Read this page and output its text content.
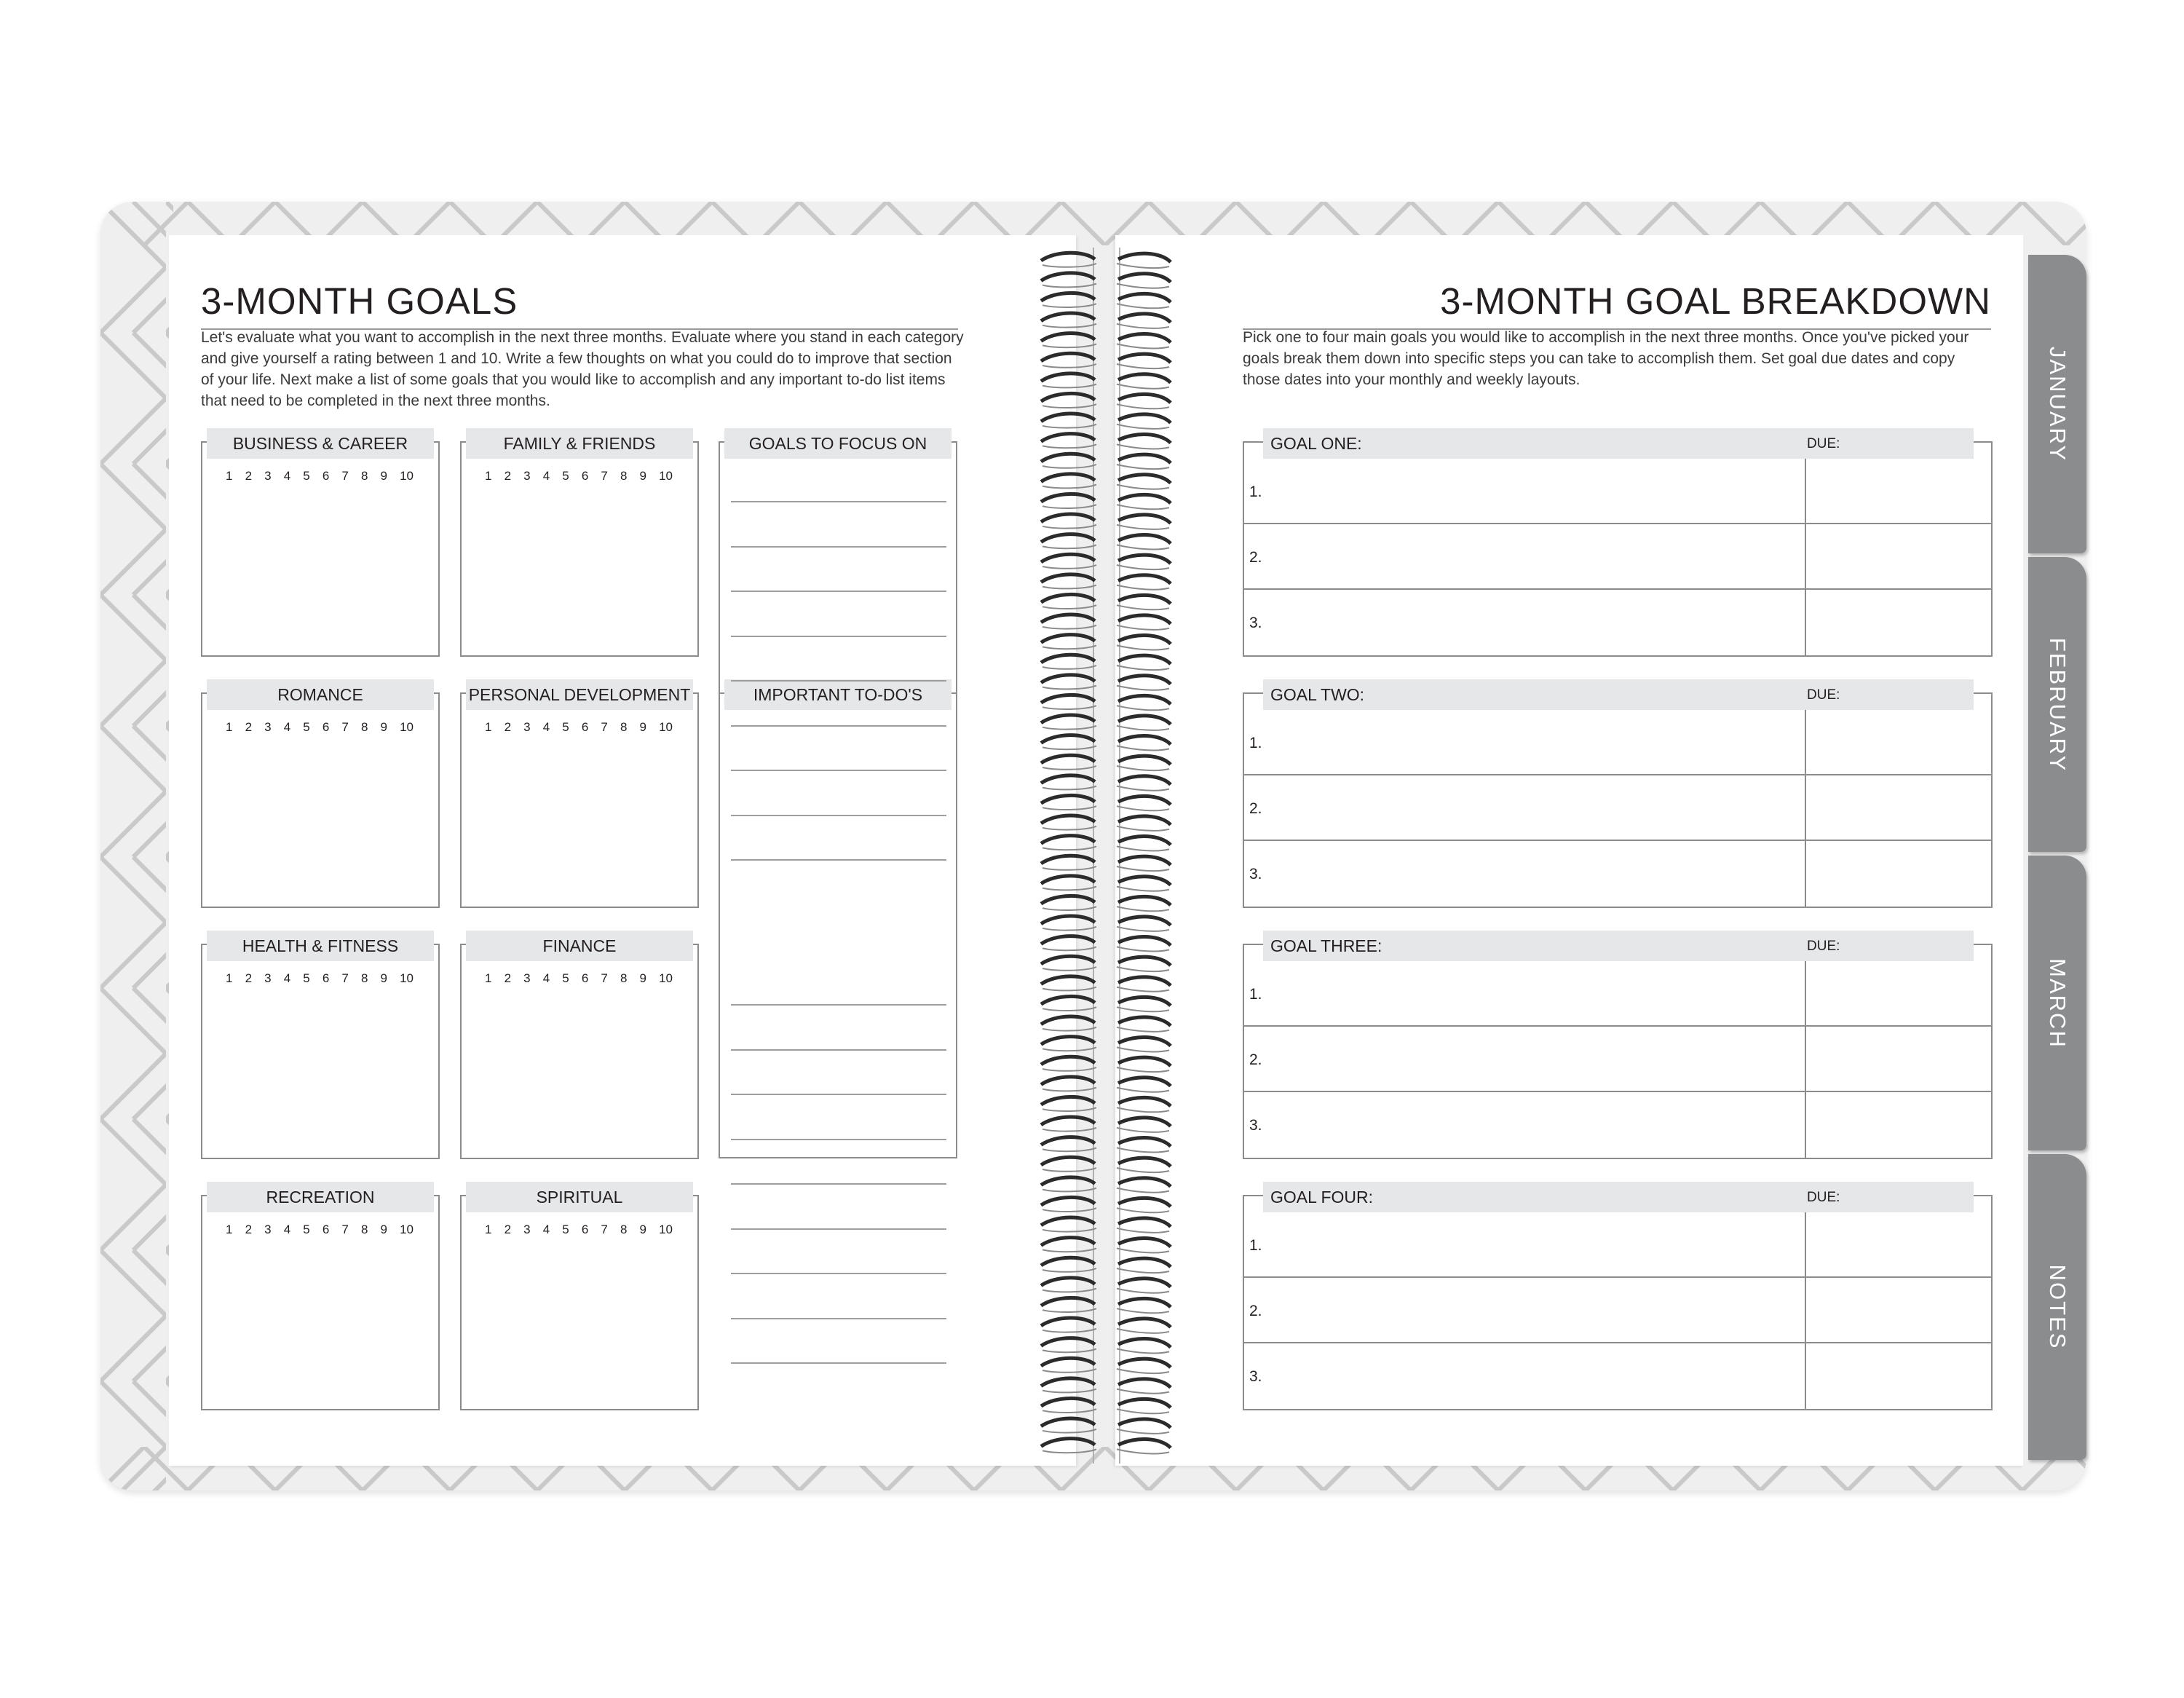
JANUARY
FEBRUARY
MARCH
NOTES
3-MONTH GOALS
Let's evaluate what you want to accomplish in the next three months. Evaluate where you stand in each category and give yourself a rating between 1 and 10. Write a few thoughts on what you could do to improve that section of your life. Next make a list of some goals that you would like to accomplish and any important to-do list items that need to be completed in the next three months.
GOALS TO FOCUS ON
IMPORTANT TO-DO'S
BUSINESS & CAREER
1 2 3 4 5 6 7 8 9 10
FAMILY & FRIENDS
1 2 3 4 5 6 7 8 9 10
ROMANCE
1 2 3 4 5 6 7 8 9 10
PERSONAL DEVELOPMENT
1 2 3 4 5 6 7 8 9 10
HEALTH & FITNESS
1 2 3 4 5 6 7 8 9 10
FINANCE
1 2 3 4 5 6 7 8 9 10
RECREATION
1 2 3 4 5 6 7 8 9 10
SPIRITUAL
1 2 3 4 5 6 7 8 9 10
3-MONTH GOAL BREAKDOWN
Pick one to four main goals you would like to accomplish in the next three months. Once you've picked your goals break them down into specific steps you can take to accomplish them. Set goal due dates and copy those dates into your monthly and weekly layouts.
GOAL ONE:	DUE:
1.
2.
3.
GOAL TWO:	DUE:
1.
2.
3.
GOAL THREE:	DUE:
1.
2.
3.
GOAL FOUR:	DUE:
1.
2.
3.
